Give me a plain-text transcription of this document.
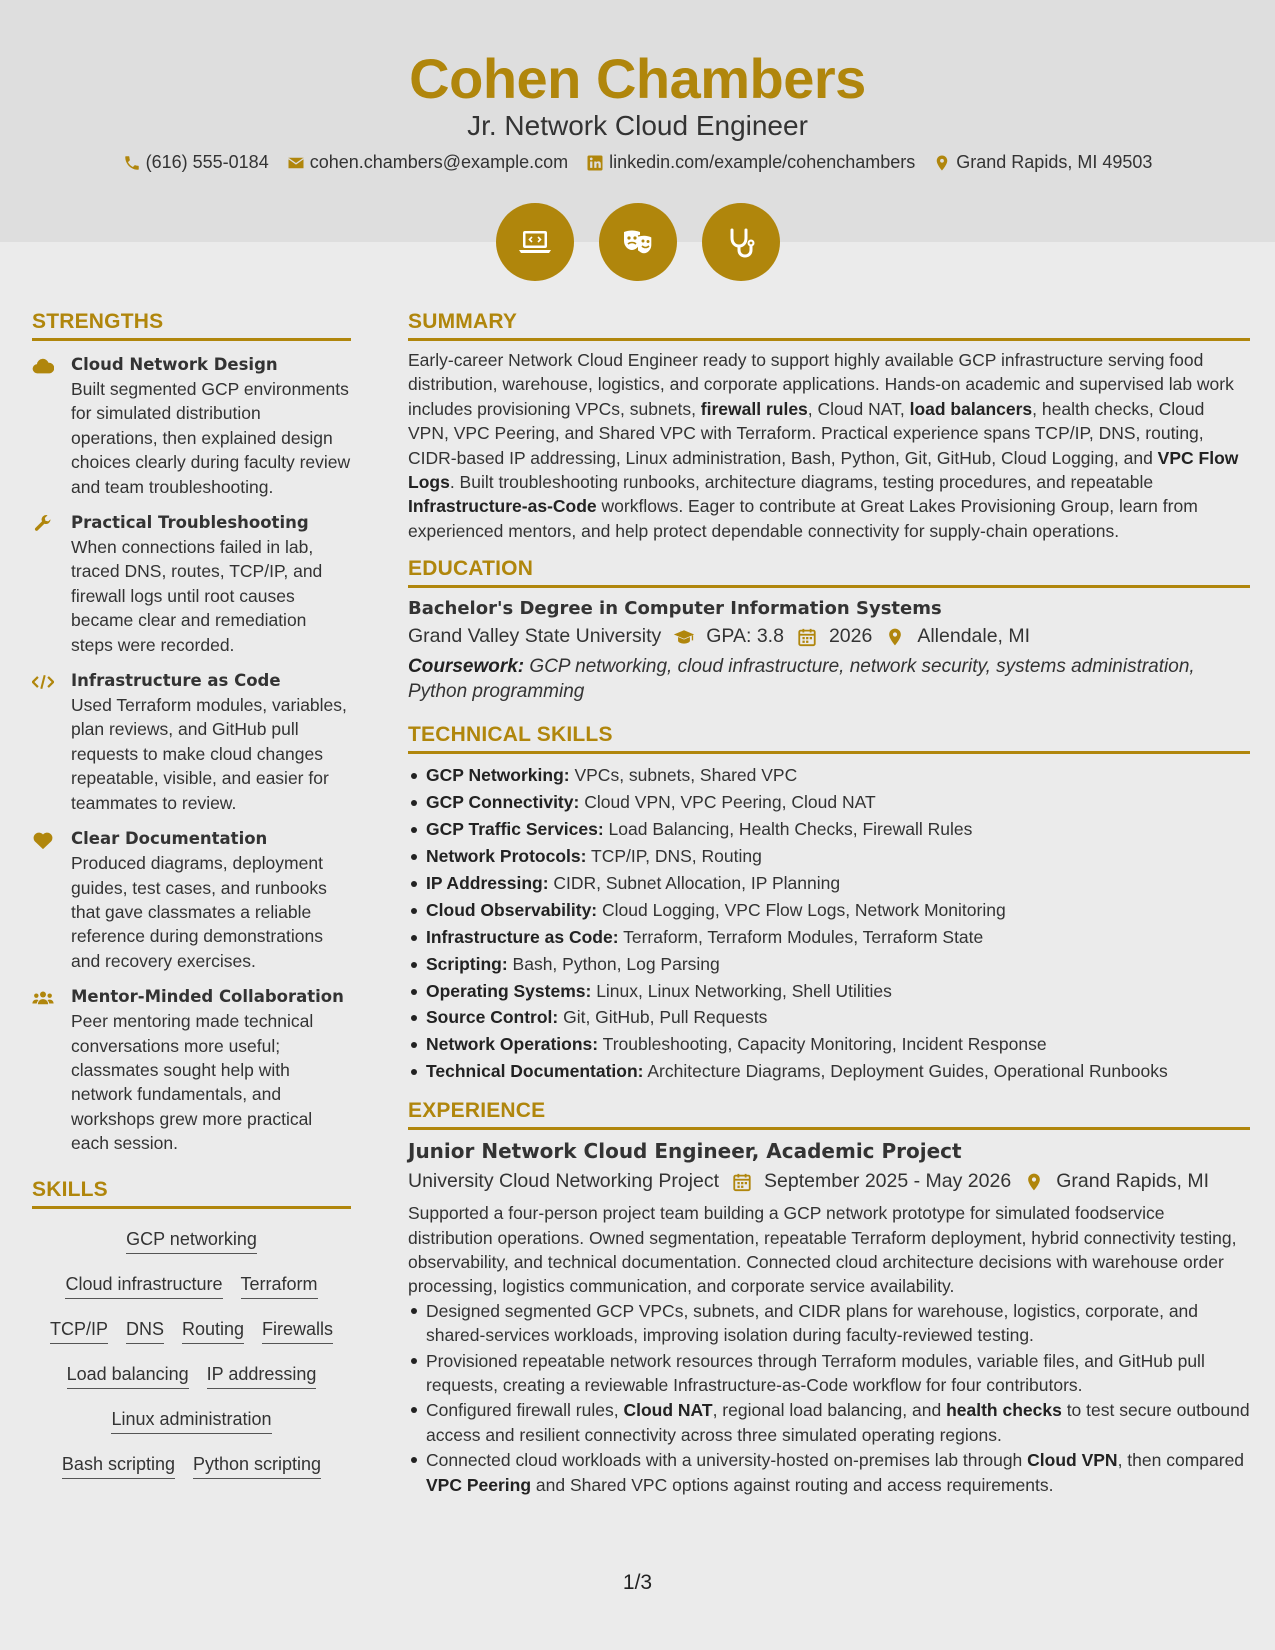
Cohen Chambers
Jr. Network Cloud Engineer
(616) 555-0184 cohen.chambers@example.com linkedin.com/example/cohenchambers Grand Rapids, MI 49503
STRENGTHS
Cloud Network Design
Built segmented GCP environments for simulated distribution operations, then explained design choices clearly during faculty review and team troubleshooting.
Practical Troubleshooting
When connections failed in lab, traced DNS, routes, TCP/IP, and firewall logs until root causes became clear and remediation steps were recorded.
Infrastructure as Code
Used Terraform modules, variables, plan reviews, and GitHub pull requests to make cloud changes repeatable, visible, and easier for teammates to review.
Clear Documentation
Produced diagrams, deployment guides, test cases, and runbooks that gave classmates a reliable reference during demonstrations and recovery exercises.
Mentor-Minded Collaboration
Peer mentoring made technical conversations more useful; classmates sought help with network fundamentals, and workshops grew more practical each session.
SKILLS
GCP networking
Cloud infrastructure Terraform
TCP/IP DNS Routing Firewalls
Load balancing IP addressing
Linux administration
Bash scripting Python scripting
SUMMARY
Early-career Network Cloud Engineer ready to support highly available GCP infrastructure serving food distribution, warehouse, logistics, and corporate applications. Hands-on academic and supervised lab work includes provisioning VPCs, subnets, firewall rules, Cloud NAT, load balancers, health checks, Cloud VPN, VPC Peering, and Shared VPC with Terraform. Practical experience spans TCP/IP, DNS, routing, CIDR-based IP addressing, Linux administration, Bash, Python, Git, GitHub, Cloud Logging, and VPC Flow Logs. Built troubleshooting runbooks, architecture diagrams, testing procedures, and repeatable Infrastructure-as-Code workflows. Eager to contribute at Great Lakes Provisioning Group, learn from experienced mentors, and help protect dependable connectivity for supply-chain operations.
EDUCATION
Bachelor's Degree in Computer Information Systems
Grand Valley State University GPA: 3.8 2026 Allendale, MI
Coursework: GCP networking, cloud infrastructure, network security, systems administration, Python programming
TECHNICAL SKILLS
GCP Networking: VPCs, subnets, Shared VPC
GCP Connectivity: Cloud VPN, VPC Peering, Cloud NAT
GCP Traffic Services: Load Balancing, Health Checks, Firewall Rules
Network Protocols: TCP/IP, DNS, Routing
IP Addressing: CIDR, Subnet Allocation, IP Planning
Cloud Observability: Cloud Logging, VPC Flow Logs, Network Monitoring
Infrastructure as Code: Terraform, Terraform Modules, Terraform State
Scripting: Bash, Python, Log Parsing
Operating Systems: Linux, Linux Networking, Shell Utilities
Source Control: Git, GitHub, Pull Requests
Network Operations: Troubleshooting, Capacity Monitoring, Incident Response
Technical Documentation: Architecture Diagrams, Deployment Guides, Operational Runbooks
EXPERIENCE
Junior Network Cloud Engineer, Academic Project
University Cloud Networking Project September 2025 - May 2026 Grand Rapids, MI
Supported a four-person project team building a GCP network prototype for simulated foodservice distribution operations. Owned segmentation, repeatable Terraform deployment, hybrid connectivity testing, observability, and technical documentation. Connected cloud architecture decisions with warehouse order processing, logistics communication, and corporate service availability.
Designed segmented GCP VPCs, subnets, and CIDR plans for warehouse, logistics, corporate, and shared-services workloads, improving isolation during faculty-reviewed testing.
Provisioned repeatable network resources through Terraform modules, variable files, and GitHub pull requests, creating a reviewable Infrastructure-as-Code workflow for four contributors.
Configured firewall rules, Cloud NAT, regional load balancing, and health checks to test secure outbound access and resilient connectivity across three simulated operating regions.
Connected cloud workloads with a university-hosted on-premises lab through Cloud VPN, then compared VPC Peering and Shared VPC options against routing and access requirements.
1/3
